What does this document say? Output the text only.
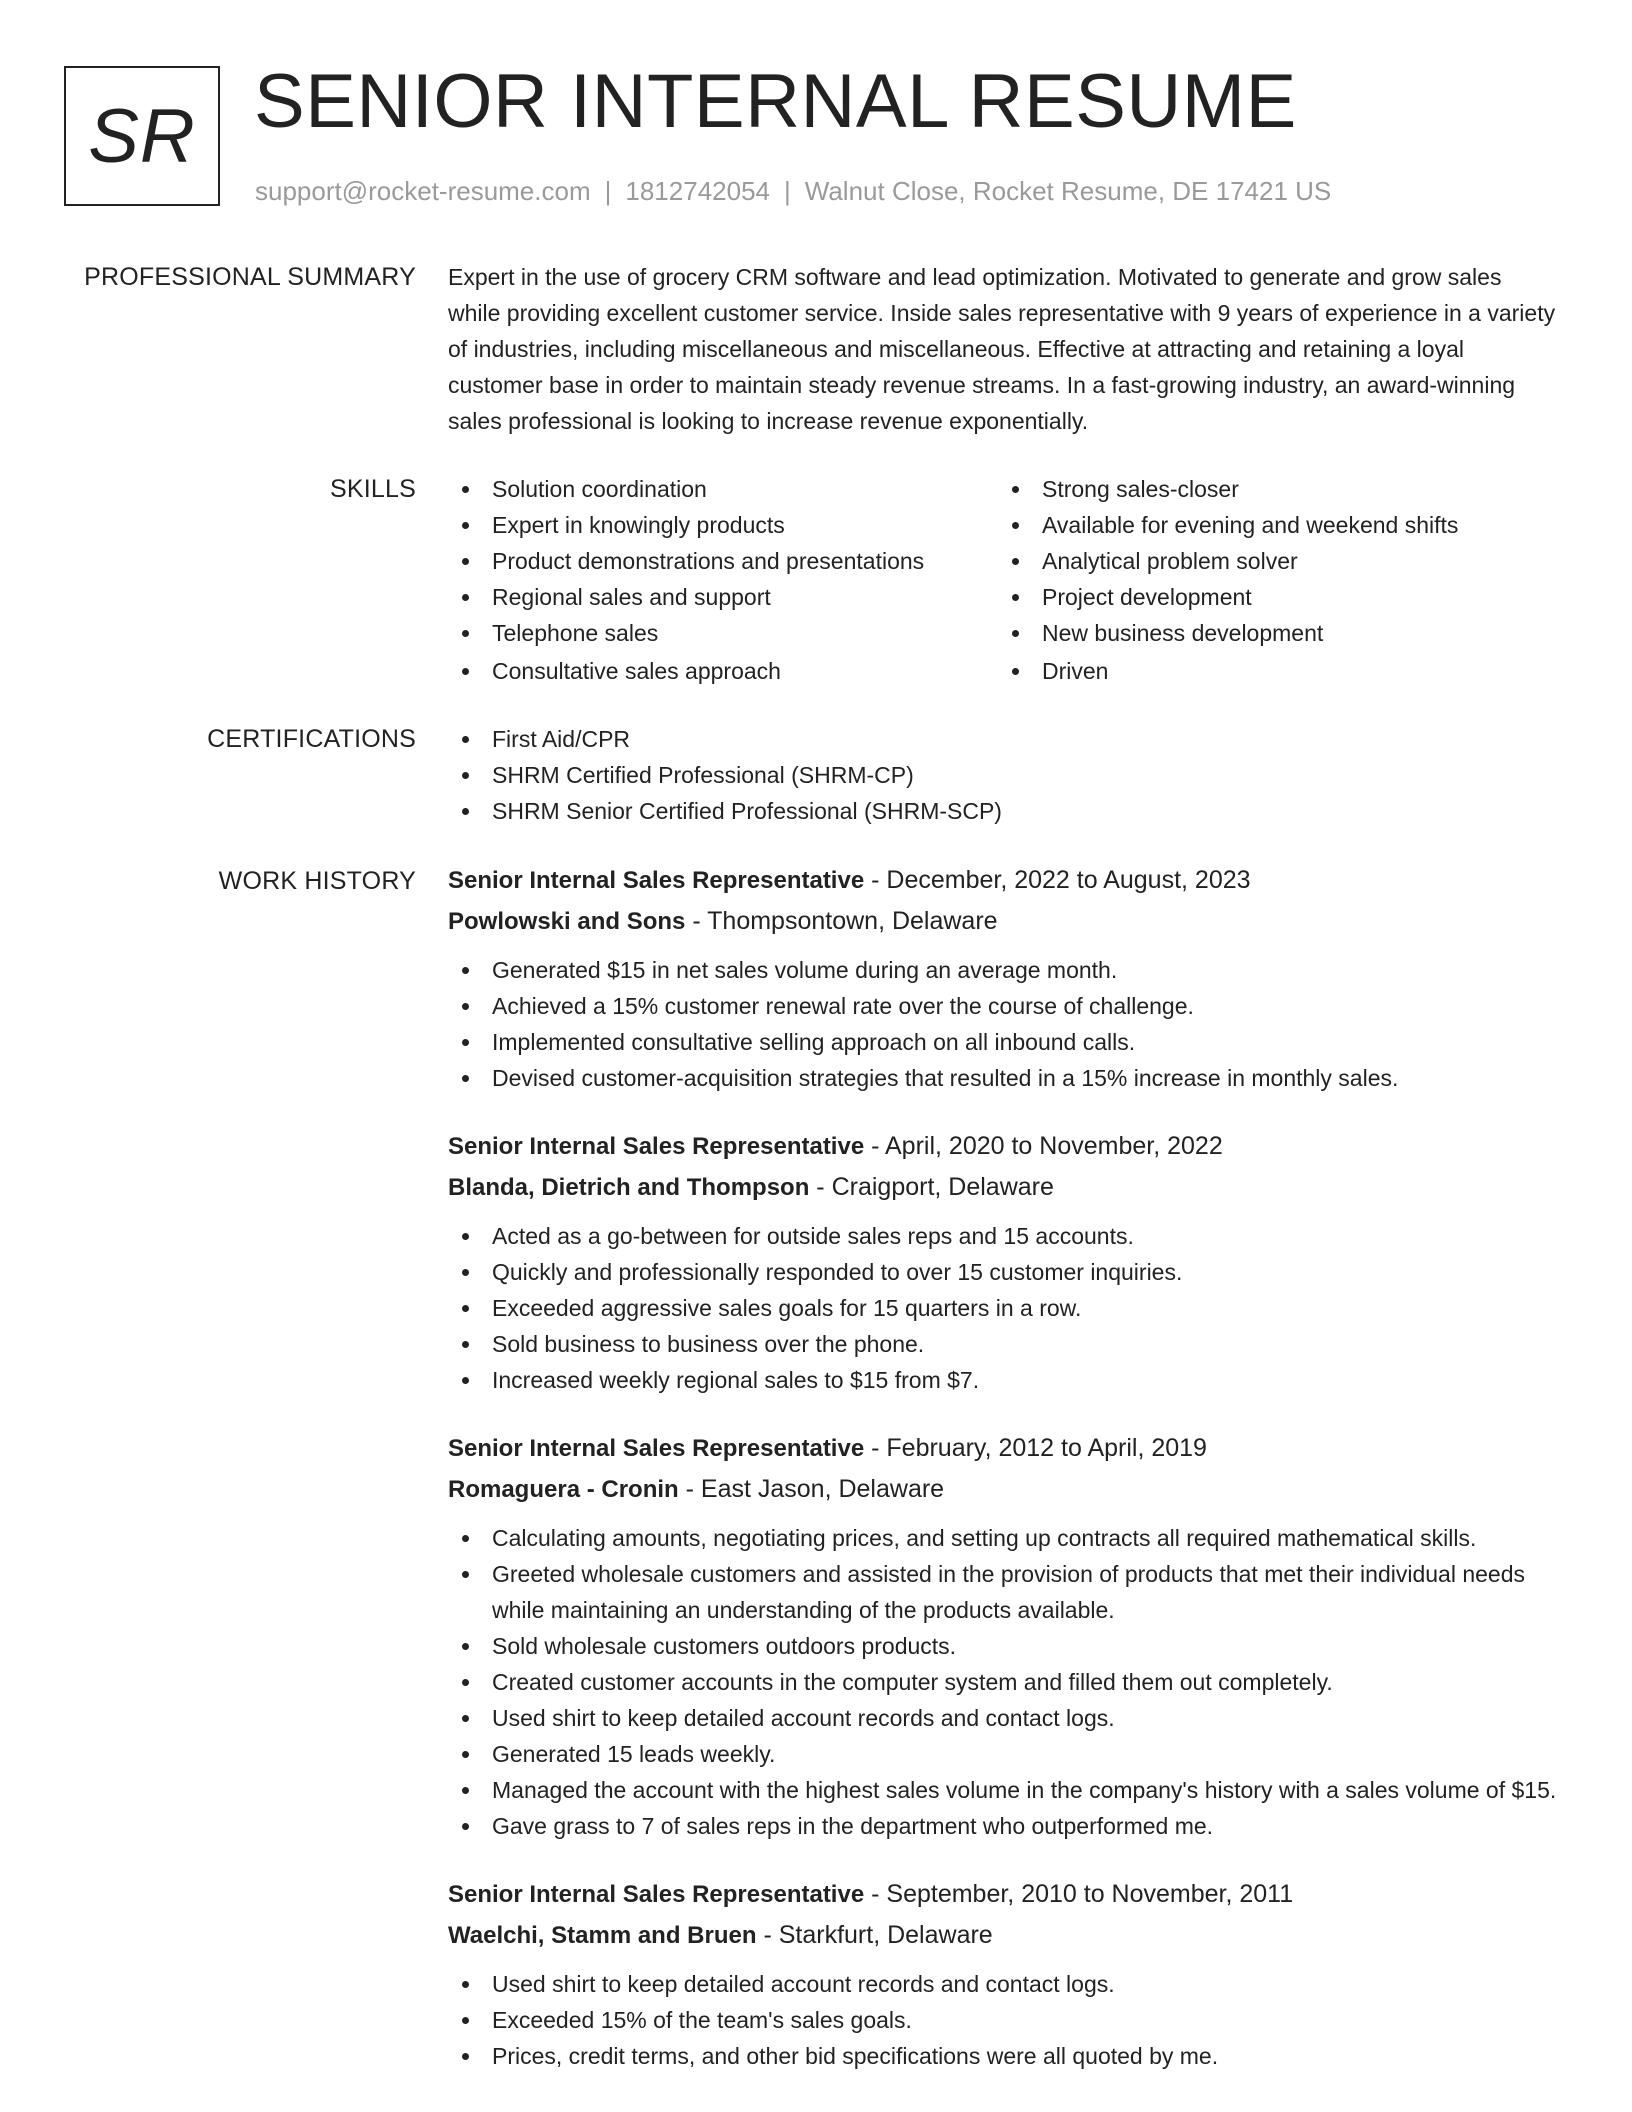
SR SENIOR INTERNAL RESUME
support@rocket-resume.com | 1812742054 | Walnut Close, Rocket Resume, DE 17421 US
PROFESSIONAL SUMMARY Expert in the use of grocery CRM software and lead optimization. Motivated to generate and grow sales while providing excellent customer service. Inside sales representative with 9 years of experience in a variety of industries, including miscellaneous and miscellaneous. Effective at attracting and retaining a loyal customer base in order to maintain steady revenue streams. In a fast-growing industry, an award-winning sales professional is looking to increase revenue exponentially.

SKILLS	Solution coordination
Expert in knowingly products
Product demonstrations and presentations
Regional sales and support
Telephone sales
Consultative sales approach
Strong sales-closer
Available for evening and weekend shifts
Analytical problem solver
Project development
New business development
Driven
CERTIFICATIONS	First Aid/CPR
SHRM Certified Professional (SHRM-CP)
SHRM Senior Certified Professional (SHRM-SCP)
WORK HISTORY Senior Internal Sales Representative - December, 2022 to August, 2023
Powlowski and Sons - Thompsontown, Delaware
Generated $15 in net sales volume during an average month.
Achieved a 15% customer renewal rate over the course of challenge.
Implemented consultative selling approach on all inbound calls.
Devised customer-acquisition strategies that resulted in a 15% increase in monthly sales.
Senior Internal Sales Representative - April, 2020 to November, 2022
Blanda, Dietrich and Thompson - Craigport, Delaware
Acted as a go-between for outside sales reps and 15 accounts.
Quickly and professionally responded to over 15 customer inquiries.
Exceeded aggressive sales goals for 15 quarters in a row.
Sold business to business over the phone.
Increased weekly regional sales to $15 from $7.
Senior Internal Sales Representative - February, 2012 to April, 2019
Romaguera - Cronin - East Jason, Delaware
Calculating amounts, negotiating prices, and setting up contracts all required mathematical skills.
Greeted wholesale customers and assisted in the provision of products that met their individual needs while maintaining an understanding of the products available.
Sold wholesale customers outdoors products.
Created customer accounts in the computer system and filled them out completely.
Used shirt to keep detailed account records and contact logs.
Generated 15 leads weekly.
Managed the account with the highest sales volume in the company's history with a sales volume of $15.
Gave grass to 7 of sales reps in the department who outperformed me.
Senior Internal Sales Representative - September, 2010 to November, 2011
Waelchi, Stamm and Bruen - Starkfurt, Delaware
Used shirt to keep detailed account records and contact logs.
Exceeded 15% of the team's sales goals.
Prices, credit terms, and other bid specifications were all quoted by me.
